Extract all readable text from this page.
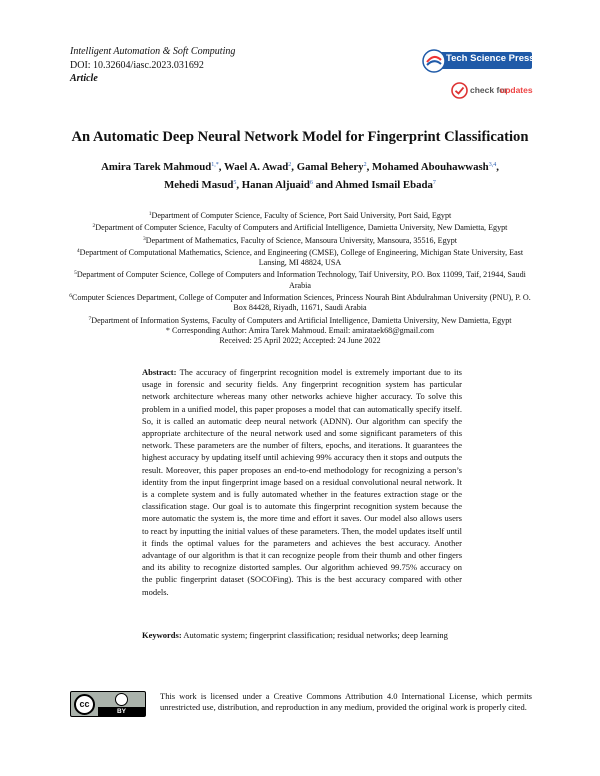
Intelligent Automation & Soft Computing
DOI: 10.32604/iasc.2023.031692
Article
Tech Science Press
check for
updates
An Automatic Deep Neural Network Model for Fingerprint Classification
Amira Tarek Mahmoud$^{1,*}$, Wael A. Awad$^2$, Gamal Behery$^2$, Mohamed Abouhawwash$^{3,4}$,
Mehedi Masud$^5$, Hanan Aljuaid$^6$ and Ahmed Ismail Ebada$^7$
$^1$Department of Computer Science, Faculty of Science, Port Said University, Port Said, Egypt
$^2$Department of Computer Science, Faculty of Computers and Artificial Intelligence, Damietta University, New Damietta, Egypt
$^3$Department of Mathematics, Faculty of Science, Mansoura University, Mansoura, 35516, Egypt
$^4$Department of Computational Mathematics, Science, and Engineering (CMSE), College of Engineering, Michigan State University, East Lansing, MI 48824, USA
$^5$Department of Computer Science, College of Computers and Information Technology, Taif University, P.O. Box 11099, Taif, 21944, Saudi Arabia
$^6$Computer Sciences Department, College of Computer and Information Sciences, Princess Nourah Bint Abdulrahman University (PNU), P. O. Box 84428, Riyadh, 11671, Saudi Arabia
$^7$Department of Information Systems, Faculty of Computers and Artificial Intelligence, Damietta University, New Damietta, Egypt
* Corresponding Author: Amira Tarek Mahmoud. Email: amirataek68@gmail.com
Received: 25 April 2022; Accepted: 24 June 2022
Abstract: The accuracy of fingerprint recognition model is extremely important due to its usage in forensic and security fields. Any fingerprint recognition system has particular network architecture whereas many other networks achieve higher accuracy. To solve this problem in a unified model, this paper proposes a model that can automatically specify itself. So, it is called an automatic deep neural network (ADNN). Our algorithm can specify the appropriate architecture of the neural network used and some significant parameters of this network. These parameters are the number of filters, epochs, and iterations. It guarantees the highest accuracy by updating itself until achieving 99% accuracy then it stops and outputs the result. Moreover, this paper proposes an end-to-end methodology for recognizing a person’s identity from the input fingerprint image based on a residual convolutional neural network. It is a complete system and is fully automated whether in the features extraction stage or the classification stage. Our goal is to automate this fingerprint recognition system because the more automatic the system is, the more time and effort it saves. Our model also allows users to react by inputting the initial values of these parameters. Then, the model updates itself until it finds the optimal values for the parameters and achieves the best accuracy. Another advantage of our algorithm is that it can recognize people from their thumb and other fingers and its ability to recognize distorted samples. Our algorithm achieved 99.75% accuracy on the public fingerprint dataset (SOCOFing). This is the best accuracy compared with other models.
Keywords: Automatic system; fingerprint classification; residual networks; deep learning
cc
BY
This work is licensed under a Creative Commons Attribution 4.0 International License, which permits unrestricted use, distribution, and reproduction in any medium, provided the original work is properly cited.
